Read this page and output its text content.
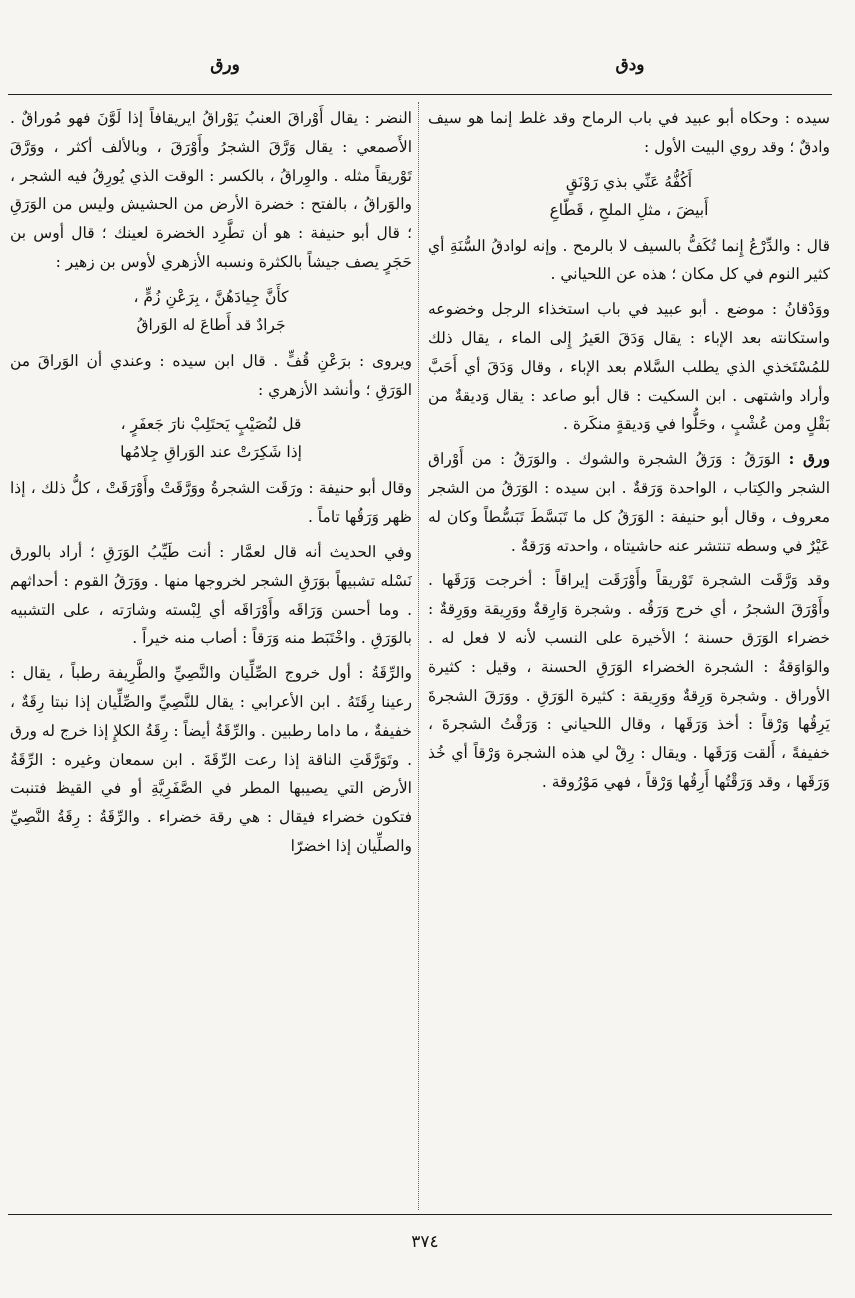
ودق
ورق

سيده : وحكاه أبو عبيد في باب الرماح وقد غلط إنما هو سيف وادقٌ ؛ وقد روي البيت الأول :

أَكُفُّهُ عَنِّي بذي رَوْنَقٍ
أَبيضَ ، مثلِ الملحِ ، قَطّاعِ

قال : والدِّرْعُ إِنما تُكَفُّ بالسيف لا بالرمح . وإنه لوادقُ السُّنَةِ أي كثير النوم في كل مكان ؛ هذه عن اللحياني .

ووَدْقانُ : موضع . أبو عبيد في باب استخذاء الرجل وخضوعه واستكانته بعد الإباء : يقال وَدَقَ العَيرُ إِلى الماء ، يقال ذلك للمُسْتَخذي الذي يطلب السَّلام بعد الإباء ، وقال وَدَقَ أي أَحَبَّ وأراد واشتهى . ابن السكيت : قال أبو صاعد : يقال وَديقةٌ من بَقْلٍ ومن عُشْبٍ ، وحَلُّوا في وَديقةٍ منكَرة .

ورق : الوَرَقُ : وَرَقُ الشجرة والشوك . والوَرَقُ : من أَوْراق الشجر والكِتاب ، الواحدة وَرَقةٌ . ابن سيده : الوَرَقُ من الشجر معروف ، وقال أبو حنيفة : الوَرَقُ كل ما تَبَسَّطَ تَبَسُّطاً وكان له عَيْرٌ في وسطه تنتشر عنه حاشيتاه ، واحدته وَرَقةٌ .

وقد وَرَّقَت الشجرة تَوْريقاً وأَوْرَقَت إيراقاً : أخرجت وَرَقَها . وأَوْرَقَ الشجرُ ، أي خرج وَرَقُه . وشجرة وَارِقةٌ ووَرِيقة ووَرِقةٌ : خضراء الوَرَق حسنة ؛ الأخيرة على النسب لأنه لا فعل له . والوَاوَقةُ : الشجرة الخضراء الوَرَقِ الحسنة ، وقيل : كثيرة الأوراق . وشجرة وَرِقةٌ ووَرِيقة : كثيرة الوَرَقِ . ووَرَقَ الشجرةَ يَرِقُها وَرْقاً : أخذ وَرَقَها ، وقال اللحياني : وَرَقْتُ الشجرةَ ، خفيفةً ، أَلقت وَرَقَها . ويقال : رِقْ لي هذه الشجرة وَرْقاً أي خُذ وَرَقَها ، وقد وَرَقْتُها أَرِقُها وَرْقاً ، فهي مَوْرُوقة .

النضر : يقال أَوْراقَ العنبُ يَوْراقُ ايريقافاً إذا لَوَّنَ فهو مُوراقٌ . الأَصمعي : يقال وَرَّقَ الشجرُ وأَوْرَقَ ، وبالألف أكثر ، ووَرَّقَ تَوْريقاً مثله . والوِراقُ ، بالكسر : الوقت الذي يُورِقُ فيه الشجر ، والوَراقُ ، بالفتح : خضرة الأرض من الحشيش وليس من الوَرَقِ ؛ قال أبو حنيفة : هو أن تطَّرِد الخضرة لعينك ؛ قال أوس بن حَجَرٍ يصف جيشاً بالكثرة ونسبه الأزهري لأوس بن زهير :

كأَنَّ جِيادَهُنَّ ، بِرَعْنِ زُمٍّ ،
جَرادٌ قد أَطاعَ له الوَراقُ

ويروى : برَعْنِ قُفٍّ . قال ابن سيده : وعندي أن الوَراقَ من الوَرَقِ ؛ وأنشد الأزهري :

قل لنُصَيْبٍ يَحتَلِبْ نارَ جَعفَرٍ ،
إذا شَكِرَتْ عند الوَراقِ جِلامُها

وقال أبو حنيفة : ورَقَت الشجرةُ ووَرَّقَتْ وأَوْرَقَتْ ، كلُّ ذلك ، إذا ظهر وَرَقُها تاماً .

وفي الحديث أنه قال لعمَّار : أنت طَيِّبُ الوَرَقِ ؛ أراد بالورق نَسْله تشبيهاً بوَرَقِ الشجر لخروجها منها . ووَرَقُ القوم : أحداثهم . وما أحسن وَرَاقَه وأَوْرَاقَه أي لِبْسته وشارَته ، على التشبيه بالوَرَقِ . واخْتَبَط منه وَرَقاً : أصاب منه خيراً .

والرِّقَةُ : أول خروج الصِّلِّيان والنَّصِيِّ والطَّرِيفة رطباً ، يقال : رعينا رِقَتَهُ . ابن الأعرابي : يقال للنَّصِيِّ والصِّلِّيان إذا نبتا رِقَةٌ ، خفيفةٌ ، ما داما رطبين . والرِّقَةُ أيضاً : رِقَةُ الكلإِ إذا خرج له ورق . وتَوَرَّقَتِ الناقة إذا رعت الرِّقَةَ . ابن سمعان وغيره : الرِّقَةُ الأرض التي يصيبها المطر في الصَّفَرِيَّةِ أو في القيظ فتنبت فتكون خضراء فيقال : هي رقة خضراء . والرِّقَةُ : رِقَةُ النَّصِيِّ والصلِّيان إذا اخضرّا

٣٧٤
